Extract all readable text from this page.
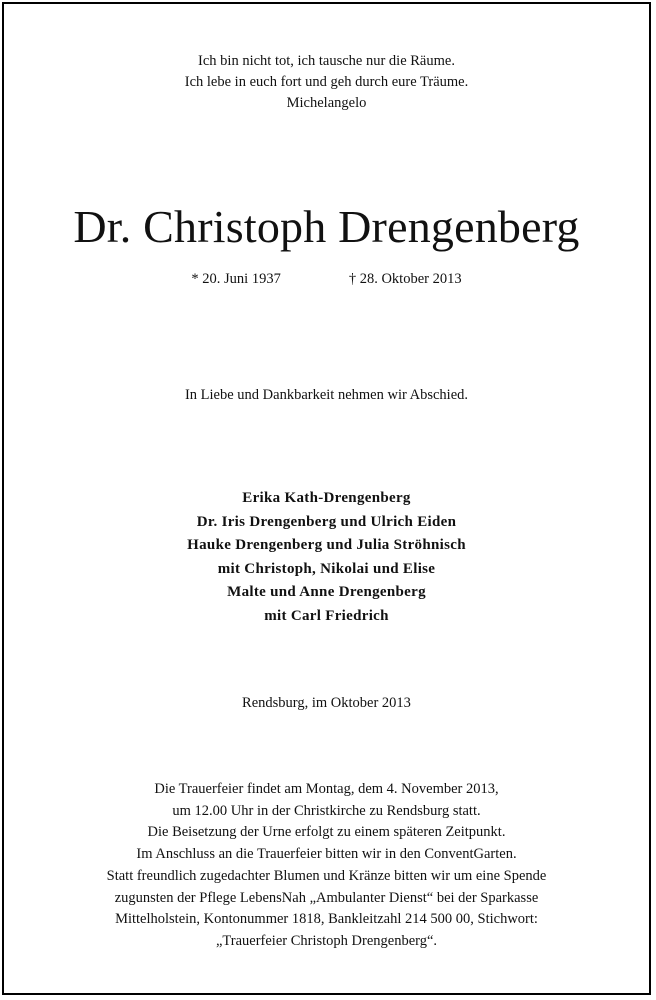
Ich bin nicht tot, ich tausche nur die Räume.
Ich lebe in euch fort und geh durch eure Träume.
Michelangelo
Dr. Christoph Drengenberg
* 20. Juni 1937	† 28. Oktober 2013
In Liebe und Dankbarkeit nehmen wir Abschied.
Erika Kath-Drengenberg
Dr. Iris Drengenberg und Ulrich Eiden
Hauke Drengenberg und Julia Ströhnisch
mit Christoph, Nikolai und Elise
Malte und Anne Drengenberg
mit Carl Friedrich
Rendsburg, im Oktober 2013
Die Trauerfeier findet am Montag, dem 4. November 2013,
um 12.00 Uhr in der Christkirche zu Rendsburg statt.
Die Beisetzung der Urne erfolgt zu einem späteren Zeitpunkt.
Im Anschluss an die Trauerfeier bitten wir in den ConventGarten.
Statt freundlich zugedachter Blumen und Kränze bitten wir um eine Spende
zugunsten der Pflege LebensNah „Ambulanter Dienst“ bei der Sparkasse
Mittelholstein, Kontonummer 1818, Bankleitzahl 214 500 00, Stichwort:
„Trauerfeier Christoph Drengenberg“.
